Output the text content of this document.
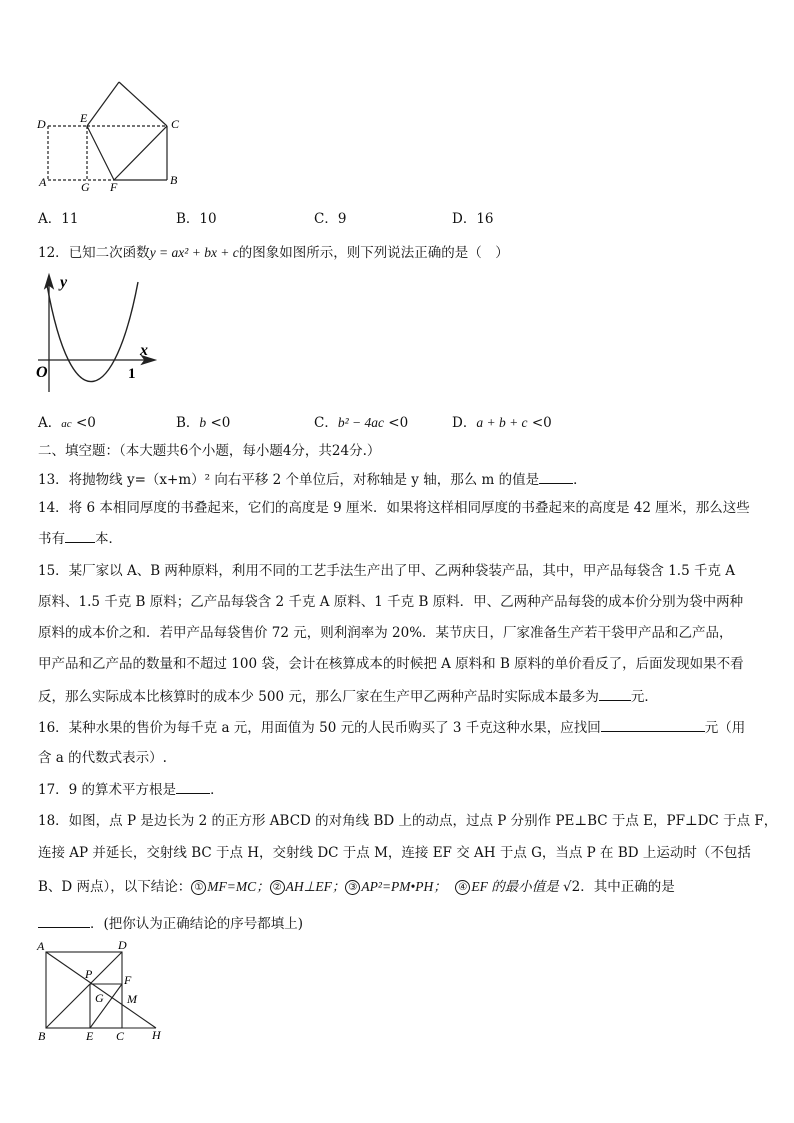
D	E	C
A	G F	B
A．11	B．10	C．9	D．16
12．已知二次函数y = ax² + bx + c的图象如图所示，则下列说法正确的是（　）
y
x
O	1
A．ac <0	B．b <0	C．b² − 4ac <0	D．a + b + c <0
二、填空题：（本大题共6个小题，每小题4分，共24分.）
13．将抛物线 y=（x+m）² 向右平移 2 个单位后，对称轴是 y 轴，那么 m 的值是	．
14．将 6 本相同厚度的书叠起来，它们的高度是 9 厘米．如果将这样相同厚度的书叠起来的高度是 42 厘米，那么这些
书有 本．
15．某厂家以 A、B 两种原料，利用不同的工艺手法生产出了甲、乙两种袋装产品，其中，甲产品每袋含 1.5 千克 A
原料、1.5 千克 B 原料；乙产品每袋含 2 千克 A 原料、1 千克 B 原料．甲、乙两种产品每袋的成本价分别为袋中两种
原料的成本价之和．若甲产品每袋售价 72 元，则利润率为 20%．某节庆日，厂家准备生产若干袋甲产品和乙产品，
甲产品和乙产品的数量和不超过 100 袋，会计在核算成本的时候把 A 原料和 B 原料的单价看反了，后面发现如果不看
反，那么实际成本比核算时的成本少 500 元，那么厂家在生产甲乙两种产品时实际成本最多为 元．
16．某种水果的售价为每千克 a 元，用面值为 50 元的人民币购买了 3 千克这种水果，应找回	元（用
含 a 的代数式表示）.
17．9 的算术平方根是	．
18．如图，点 P 是边长为 2 的正方形 ABCD 的对角线 BD 上的动点，过点 P 分别作 PE⊥BC 于点 E，PF⊥DC 于点 F，
连接 AP 并延长，交射线 BC 于点 H，交射线 DC 于点 M，连接 EF 交 AH 于点 G，当点 P 在 BD 上运动时（不包括
B、D 两点），以下结论： ① MF=MC； ② AH⊥EF； ③ AP²=PM•PH； ④ EF 的最小值是 √2．其中正确的是
．(把你认为正确结论的序号都填上)
A	D
P	F
G M
B	E C H
